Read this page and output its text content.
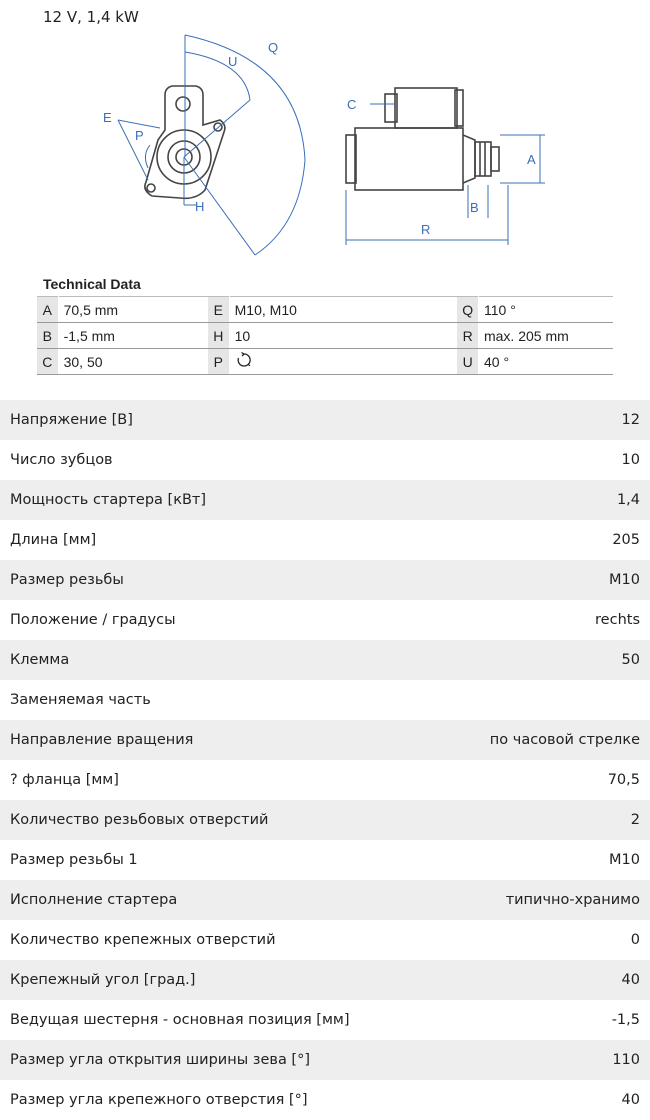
12 V, 1,4 kW
U
Q
E
P
H
C
A
B
R
Technical Data
A	70,5 mm	E	M10, M10	Q	110 °
B	-1,5 mm	H	10	R	max. 205 mm
C	30, 50	P		U	40 °
Напряжение [В]	12
Число зубцов	10
Мощность стартера [кВт]	1,4
Длина [мм]	205
Размер резьбы	M10
Положение / градусы	rechts
Клемма	50
Заменяемая часть
Направление вращения	по часовой стрелке
? фланца [мм]	70,5
Количество резьбовых отверстий	2
Размер резьбы 1	M10
Исполнение стартера	типично-хранимо
Количество крепежных отверстий	0
Крепежный угол [град.]	40
Ведущая шестерня - основная позиция [мм]	-1,5
Размер угла открытия ширины зева [°]	110
Размер угла крепежного отверстия [°]	40
